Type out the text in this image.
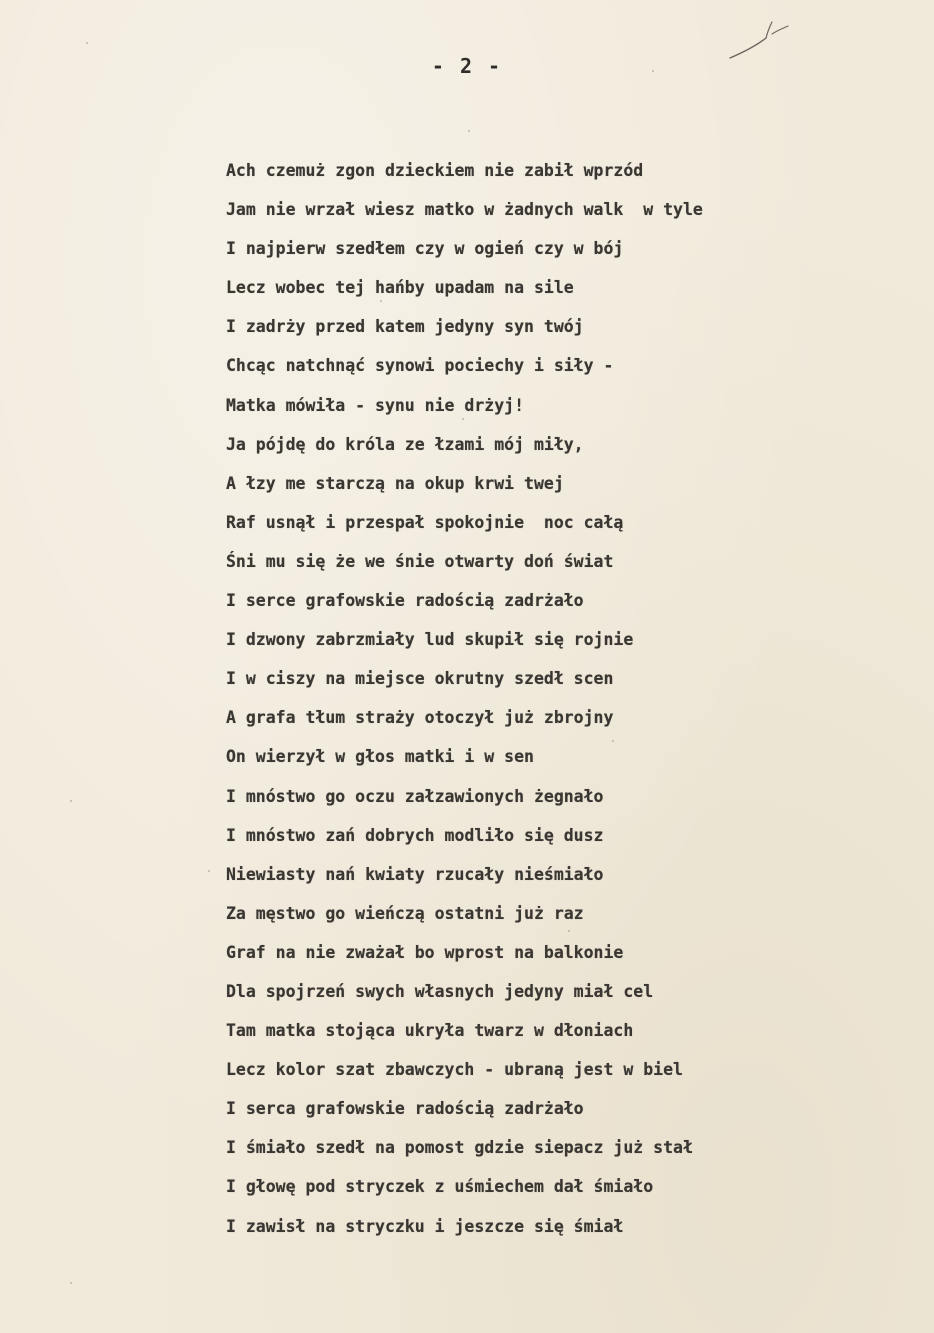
- 2 -
Ach czemuż zgon dzieckiem nie zabił wprzód
Jam nie wrzał wiesz matko w żadnych walk  w tyle
I najpierw szedłem czy w ogień czy w bój
Lecz wobec tej hańby upadam na sile
I zadrży przed katem jedyny syn twój
Chcąc natchnąć synowi pociechy i siły -
Matka mówiła - synu nie drżyj!
Ja pójdę do króla ze łzami mój miły,
A łzy me starczą na okup krwi twej
Raf usnął i przespał spokojnie  noc całą
Śni mu się że we śnie otwarty doń świat
I serce grafowskie radością zadrżało
I dzwony zabrzmiały lud skupił się rojnie
I w ciszy na miejsce okrutny szedł scen
A grafa tłum straży otoczył już zbrojny
On wierzył w głos matki i w sen
I mnóstwo go oczu załzawionych żegnało
I mnóstwo zań dobrych modliło się dusz
Niewiasty nań kwiaty rzucały nieśmiało
Za męstwo go wieńczą ostatni już raz
Graf na nie zważał bo wprost na balkonie
Dla spojrzeń swych własnych jedyny miał cel
Tam matka stojąca ukryła twarz w dłoniach
Lecz kolor szat zbawczych - ubraną jest w biel
I serca grafowskie radością zadrżało
I śmiało szedł na pomost gdzie siepacz już stał
I głowę pod stryczek z uśmiechem dał śmiało
I zawisł na stryczku i jeszcze się śmiał
